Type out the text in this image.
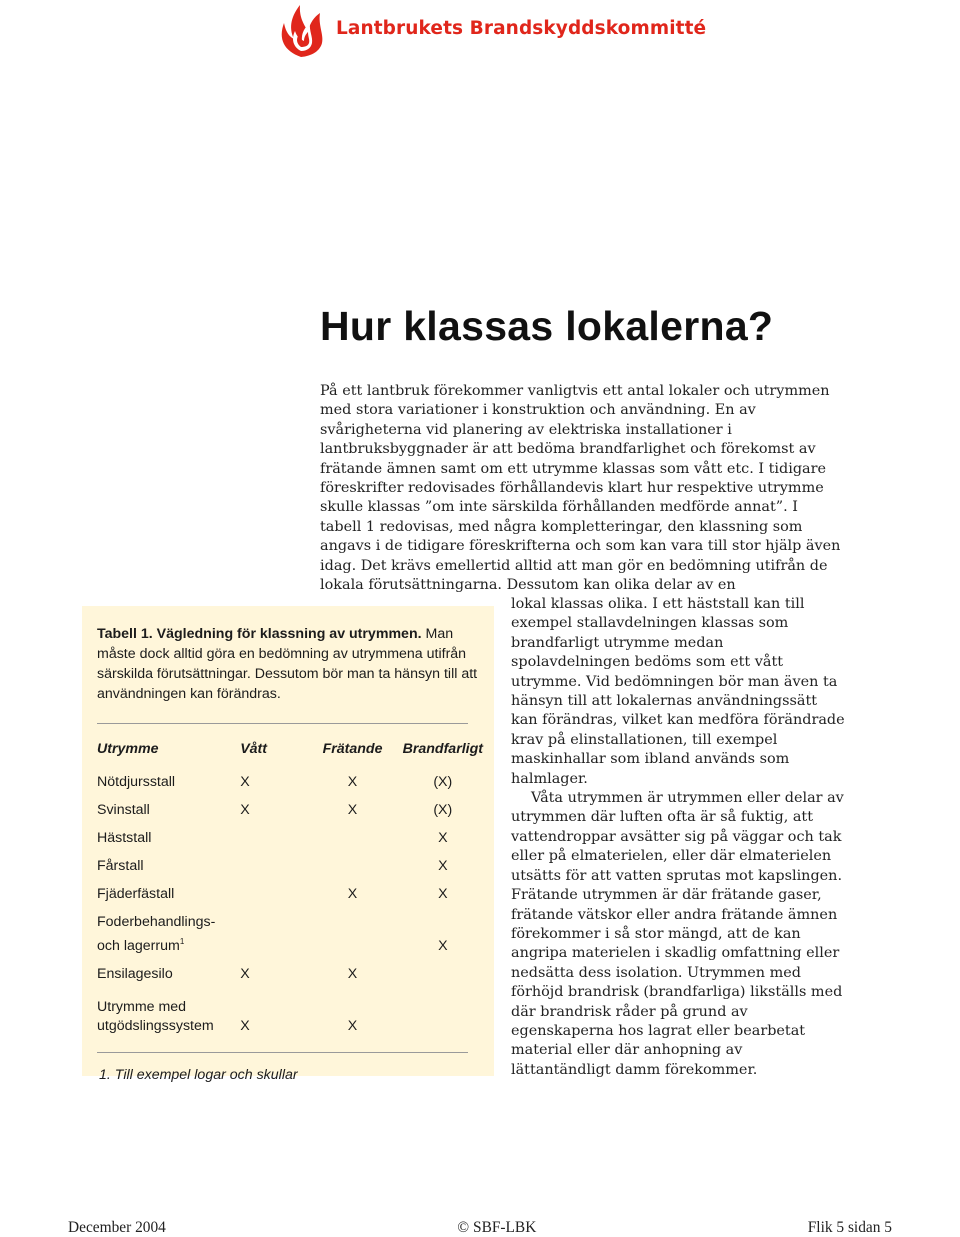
Lantbrukets Brandskyddskommitté
Hur klassas lokalerna?

På ett lantbruk förekommer vanligtvis ett antal lokaler och utrymmen med stora variationer i konstruktion och användning. En av svårigheterna vid planering av elektriska installationer i lantbruksbyggnader är att bedöma brandfarlighet och förekomst av frätande ämnen samt om ett utrymme klassas som vått etc. I tidigare föreskrifter redovisades förhållandevis klart hur respektive utrymme skulle klassas ”om inte särskilda förhållanden medförde annat”. I tabell 1 redovisas, med några kompletteringar, den klassning som angavs i de tidigare föreskrifterna och som kan vara till stor hjälp även idag. Det krävs emellertid alltid att man gör en bedömning utifrån de lokala förutsättningarna. Dessutom kan olika delar av en

lokal klassas olika. I ett häststall kan till exempel stallavdelningen klassas som brandfarligt utrymme medan spolavdelningen bedöms som ett vått utrymme. Vid bedömningen bör man även ta hänsyn till att lokalernas användningssätt kan förändras, vilket kan medföra förändrade krav på elinstallationen, till exempel maskinhallar som ibland används som halmlager.

Våta utrymmen är utrymmen eller delar av utrymmen där luften ofta är så fuktig, att vattendroppar avsätter sig på väggar och tak eller på elmaterielen, eller där elmaterielen utsätts för att vatten sprutas mot kapslingen. Frätande utrymmen är där frätande gaser, frätande vätskor eller andra frätande ämnen förekommer i så stor mängd, att de kan angripa materielen i skadlig omfattning eller nedsätta dess isolation. Utrymmen med förhöjd brandrisk (brandfarliga) likställs med där brandrisk råder på grund av egenskaperna hos lagrat eller bearbetat material eller där anhopning av lättantändligt damm förekommer.

Tabell 1. Vägledning för klassning av utrymmen. Man måste dock alltid göra en bedömning av utrymmena utifrån särskilda förutsättningar. Dessutom bör man ta hänsyn till att användningen kan förändras.
Utrymme	Vått	Frätande	Brandfarligt
Nötdjursstall	X	X	(X)
Svinstall	X	X	(X)
Häststall			X
Fårstall			X
Fjäderfästall		X	X
Foderbehandlings-
och lagerrum$^1$			X
Ensilagesilo	X	X	
Utrymme med
utgödslingssystem	X	X	
1. Till exempel logar och skullar
December 2004	© SBF-LBK	Flik 5 sidan 5
